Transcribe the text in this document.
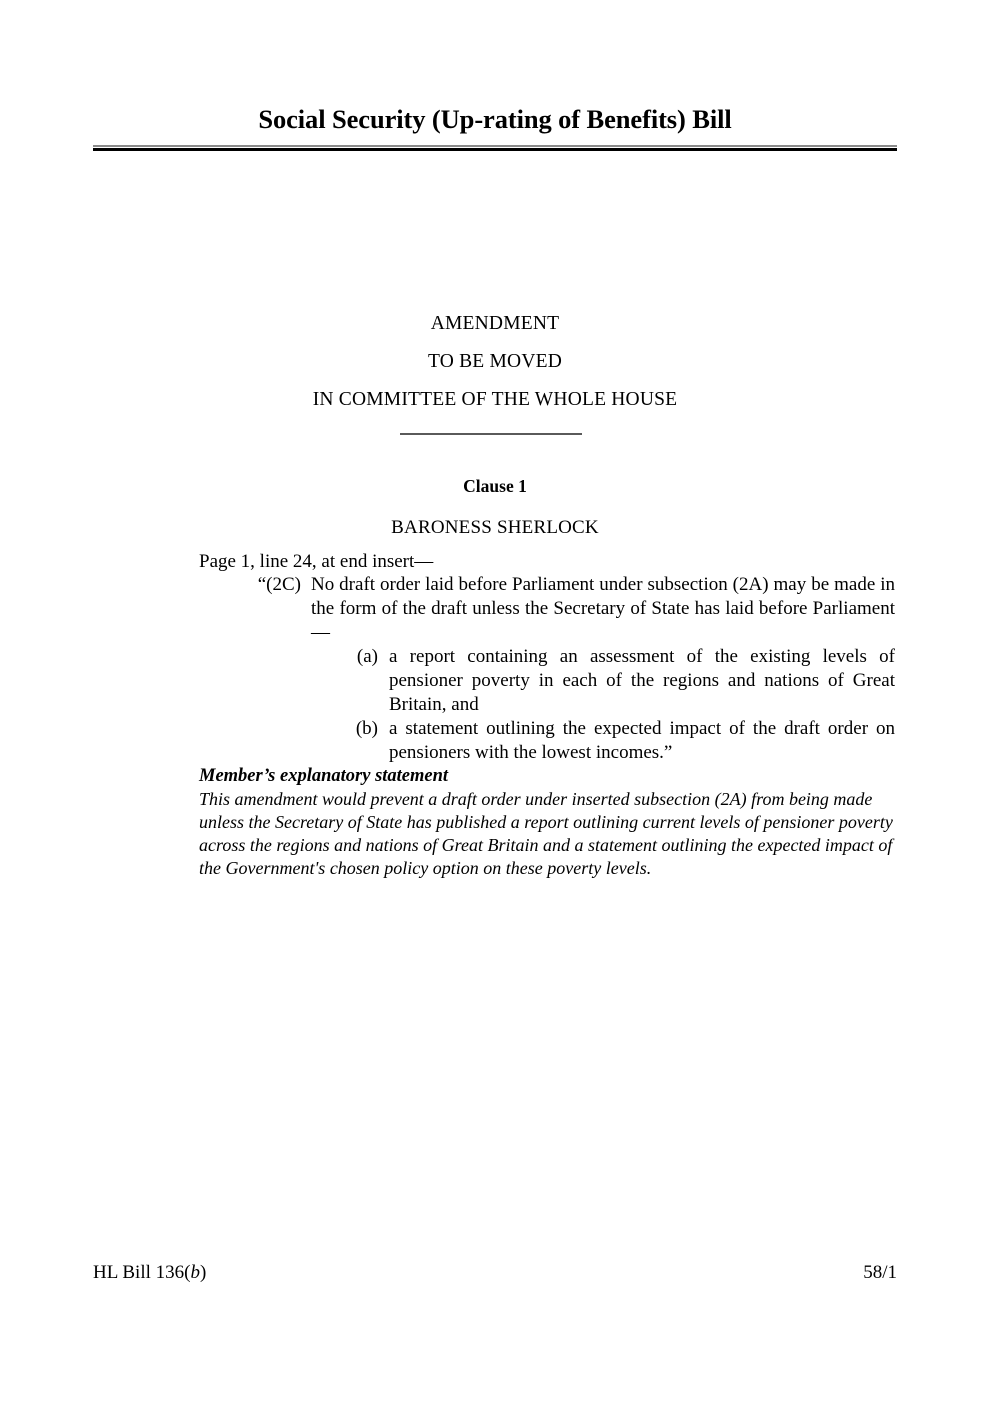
Social Security (Up-rating of Benefits) Bill
AMENDMENT
TO BE MOVED
IN COMMITTEE OF THE WHOLE HOUSE
Clause 1
BARONESS SHERLOCK
Page 1, line 24, at end insert—
“(2C) No draft order laid before Parliament under subsection (2A) may be made in the form of the draft unless the Secretary of State has laid before Parliament—
(a) a report containing an assessment of the existing levels of pensioner poverty in each of the regions and nations of Great Britain, and
(b) a statement outlining the expected impact of the draft order on pensioners with the lowest incomes.”
Member’s explanatory statement
This amendment would prevent a draft order under inserted subsection (2A) from being made unless the Secretary of State has published a report outlining current levels of pensioner poverty across the regions and nations of Great Britain and a statement outlining the expected impact of the Government's chosen policy option on these poverty levels.
HL Bill 136(b)	58/1
